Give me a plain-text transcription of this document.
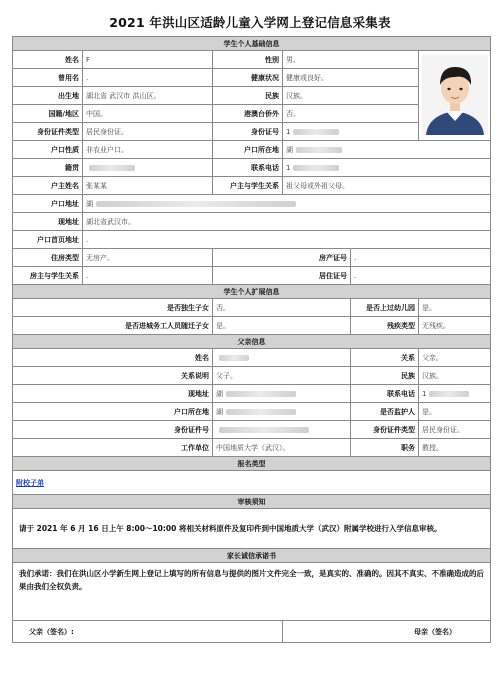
2021 年洪山区适龄儿童入学网上登记信息采集表
学生个人基础信息					
姓名	F	性别	男。	
曾用名	.	健康状况	健康或良好。		
出生地	湖北省 武汉市 洪山区。	民族	汉族。		
国籍/地区	中国。	港澳台侨外	否。		
身份证件类型	居民身份证。	身份证号	1		
户口性质	非农业户口。	户口所在地	湖		
籍贯		联系电话	1		
户主姓名	张某某	户主与学生关系	祖父母或外祖父母。		
户口地址	湖				
现地址	湖北省武汉市。				
户口首页地址	.				
住房类型	无房产。	房产证号		.	
房主与学生关系	.	居住证号		.	
学生个人扩展信息					
是否独生子女		否。		是否上过幼儿园	是。
是否进城务工人员随迁子女		是。		残疾类型	无残疾。
父亲信息					
姓名				关系	父亲。
关系说明		父子。		民族	汉族。
现地址		湖		联系电话	1
户口所在地		湖		是否监护人	是。
身份证件号				身份证件类型	居民身份证。
工作单位		中国地质大学（武汉）。		职务	教授。
报名类型					
附校子弟					
审核须知					
请于 2021 年 6 月 16 日上午 8:00～10:00 将相关材料原件及复印件到中国地质大学（武汉）附属学校进行入学信息审核。					
家长诚信承诺书					
我们承诺：我们在洪山区小学新生网上登记上填写的所有信息与提供的图片文件完全一致，是真实的、准确的。因其不真实、不准确造成的后果由我们全权负责。					
父亲（签名）:			母亲（签名）		
